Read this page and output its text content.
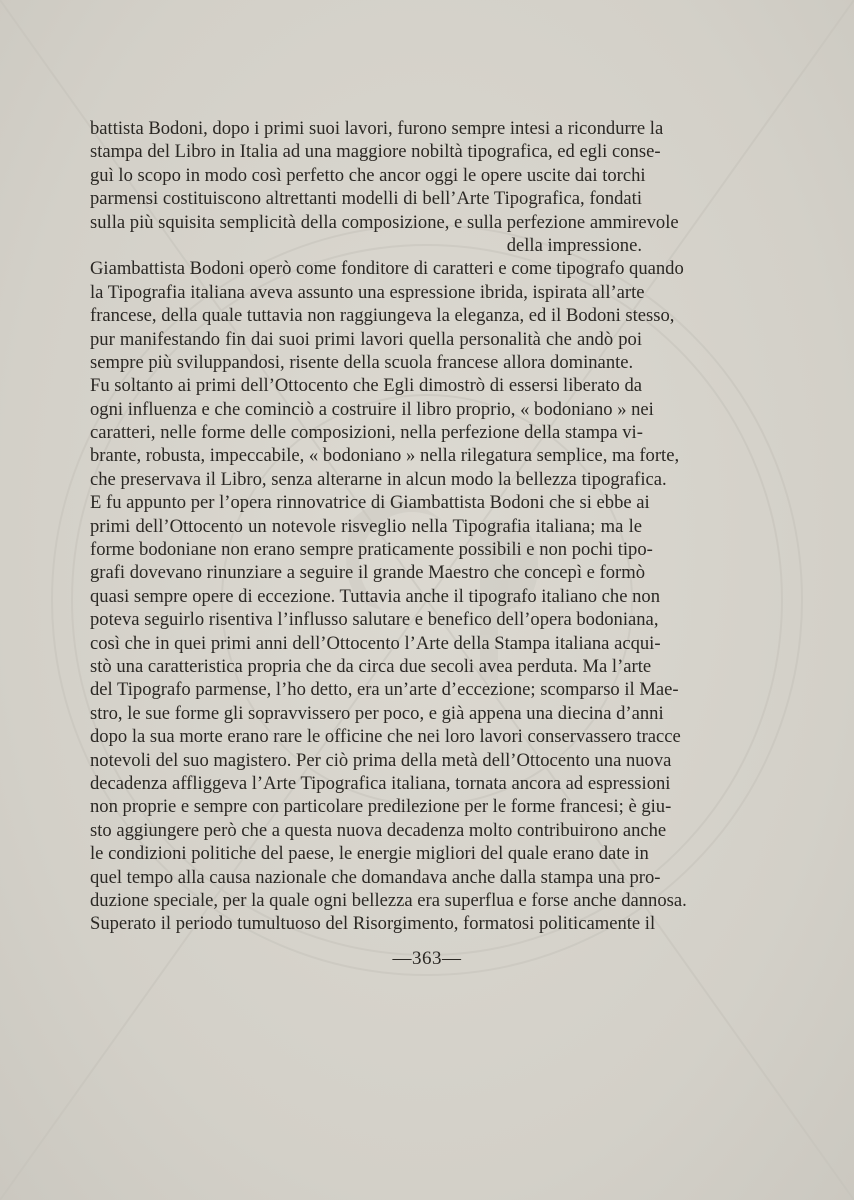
battista Bodoni, dopo i primi suoi lavori, furono sempre intesi a ricondurre la
stampa del Libro in Italia ad una maggiore nobiltà tipografica, ed egli conse-
guì lo scopo in modo così perfetto che ancor oggi le opere uscite dai torchi
parmensi costituiscono altrettanti modelli di bell’Arte Tipografica, fondati
sulla più squisita semplicità della composizione, e sulla perfezione ammirevole
della impressione.
Giambattista Bodoni operò come fonditore di caratteri e come tipografo quando
la Tipografia italiana aveva assunto una espressione ibrida, ispirata all’arte
francese, della quale tuttavia non raggiungeva la eleganza, ed il Bodoni stesso,
pur manifestando fin dai suoi primi lavori quella personalità che andò poi
sempre più sviluppandosi, risente della scuola francese allora dominante.
Fu soltanto ai primi dell’Ottocento che Egli dimostrò di essersi liberato da
ogni influenza e che cominciò a costruire il libro proprio, « bodoniano » nei
caratteri, nelle forme delle composizioni, nella perfezione della stampa vi-
brante, robusta, impeccabile, « bodoniano » nella rilegatura semplice, ma forte,
che preservava il Libro, senza alterarne in alcun modo la bellezza tipografica.
E fu appunto per l’opera rinnovatrice di Giambattista Bodoni che si ebbe ai
primi dell’Ottocento un notevole risveglio nella Tipografia italiana; ma le
forme bodoniane non erano sempre praticamente possibili e non pochi tipo-
grafi dovevano rinunziare a seguire il grande Maestro che concepì e formò
quasi sempre opere di eccezione. Tuttavia anche il tipografo italiano che non
poteva seguirlo risentiva l’influsso salutare e benefico dell’opera bodoniana,
così che in quei primi anni dell’Ottocento l’Arte della Stampa italiana acqui-
stò una caratteristica propria che da circa due secoli avea perduta. Ma l’arte
del Tipografo parmense, l’ho detto, era un’arte d’eccezione; scomparso il Mae-
stro, le sue forme gli sopravvissero per poco, e già appena una diecina d’anni
dopo la sua morte erano rare le officine che nei loro lavori conservassero tracce
notevoli del suo magistero. Per ciò prima della metà dell’Ottocento una nuova
decadenza affliggeva l’Arte Tipografica italiana, tornata ancora ad espressioni
non proprie e sempre con particolare predilezione per le forme francesi; è giu-
sto aggiungere però che a questa nuova decadenza molto contribuirono anche
le condizioni politiche del paese, le energie migliori del quale erano date in
quel tempo alla causa nazionale che domandava anche dalla stampa una pro-
duzione speciale, per la quale ogni bellezza era superflua e forse anche dannosa.
Superato il periodo tumultuoso del Risorgimento, formatosi politicamente il
—363—
